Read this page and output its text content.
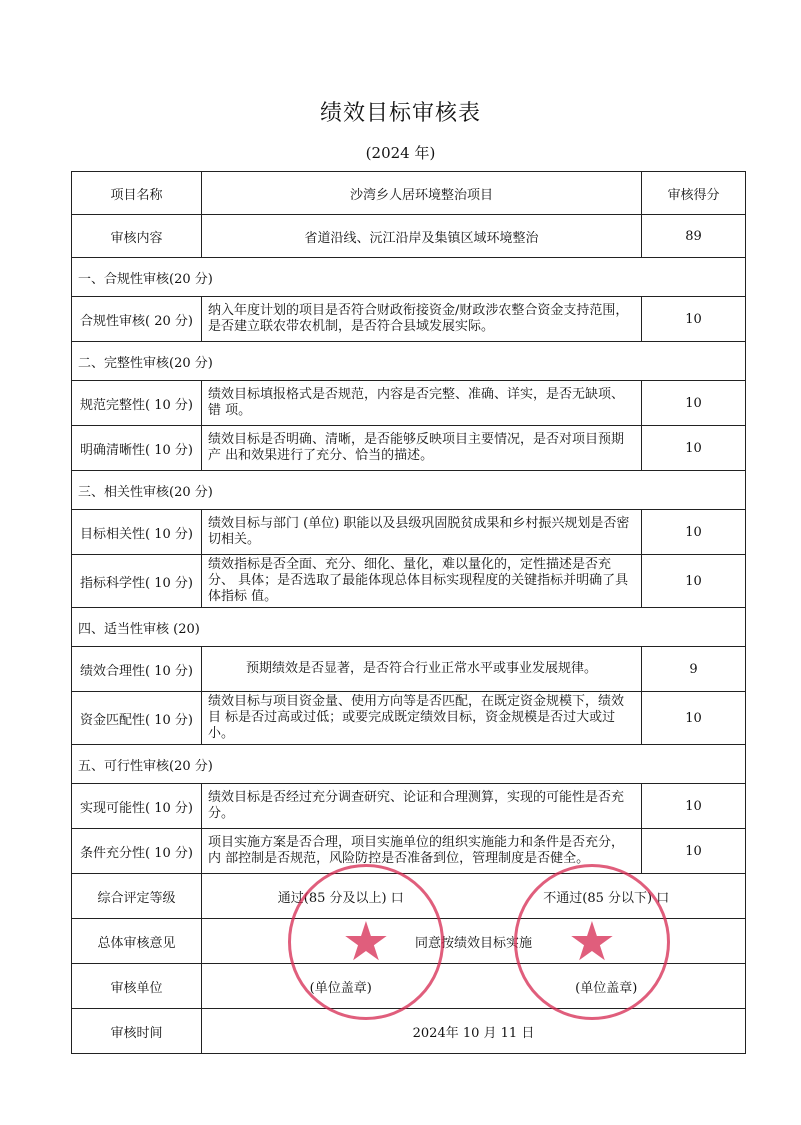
绩效目标审核表
(2024 年)
项目名称	沙湾乡人居环境整治项目	审核得分
审核内容	省道沿线、沅江沿岸及集镇区域环境整治	89
一、合规性审核(20 分)		
合规性审核( 20 分)	纳入年度计划的项目是否符合财政衔接资金/财政涉农整合资金支持范围，是否建立联农带农机制，是否符合县域发展实际。	10
二、完整性审核(20 分)		
规范完整性( 10 分)	绩效目标填报格式是否规范，内容是否完整、准确、详实，是否无缺项、错 项。	10
明确清晰性( 10 分)	绩效目标是否明确、清晰，是否能够反映项目主要情况，是否对项目预期产 出和效果进行了充分、恰当的描述。	10
三、相关性审核(20 分)		
目标相关性( 10 分)	绩效目标与部门 (单位) 职能以及县级巩固脱贫成果和乡村振兴规划是否密切相关。	10
指标科学性( 10 分)	绩效指标是否全面、充分、细化、量化，难以量化的，定性描述是否充分、 具体；是否选取了最能体现总体目标实现程度的关键指标并明确了具体指标 值。	10
四、适当性审核 (20)		
绩效合理性( 10 分)	预期绩效是否显著，是否符合行业正常水平或事业发展规律。	9
资金匹配性( 10 分)	绩效目标与项目资金量、使用方向等是否匹配，在既定资金规模下，绩效目 标是否过高或过低；或要完成既定绩效目标，资金规模是否过大或过小。	10
五、可行性审核(20 分)		
实现可能性( 10 分)	绩效目标是否经过充分调查研究、论证和合理测算，实现的可能性是否充分。	10
条件充分性( 10 分)	项目实施方案是否合理，项目实施单位的组织实施能力和条件是否充分，内 部控制是否规范，风险防控是否准备到位，管理制度是否健全。	10
综合评定等级	通过(85 分及以上) 口 不通过(85 分以下) 口	

总体审核意见	同意按绩效目标实施	
审核单位	(单位盖章) (单位盖章)	

审核时间	2024年 10 月 11 日	
★	★
